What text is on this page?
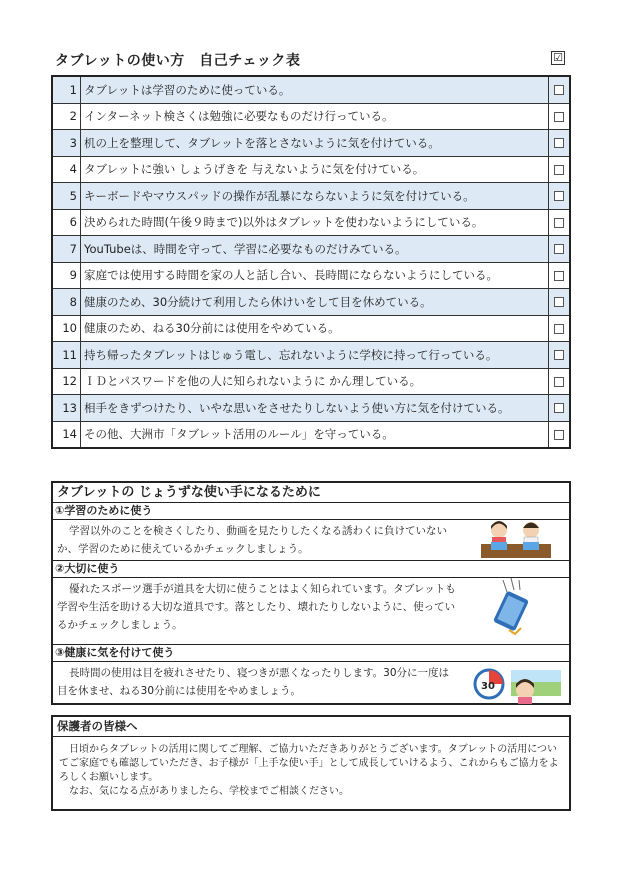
タブレットの使い方　自己チェック表	☑
1	タブレットは学習のために使っている。	
2	インターネット検さくは勉強に必要なものだけ行っている。	
3	机の上を整理して、タブレットを落とさないように気を付けている。	
4	タブレットに強い しょうげきを 与えないように気を付けている。	
5	キーボードやマウスパッドの操作が乱暴にならないように気を付けている。	
6	決められた時間(午後９時まで)以外はタブレットを使わないようにしている。	
7	YouTubeは、時間を守って、学習に必要なものだけみている。	
9	家庭では使用する時間を家の人と話し合い、長時間にならないようにしている。	
8	健康のため、30分続けて利用したら休けいをして目を休めている。	
10	健康のため、ねる30分前には使用をやめている。	
11	持ち帰ったタブレットはじゅう電し、忘れないように学校に持って行っている。	
12	ＩＤとパスワードを他の人に知られないように かん理している。	
13	相手をきずつけたり、いやな思いをさせたりしないよう使い方に気を付けている。	
14	その他、大洲市「タブレット活用のルール」を守っている。	
タブレットの じょうずな使い手になるために
①学習のために使う

学習以外のことを検さくしたり、動画を見たりしたくなる誘わくに負けていないか、学習のために使えているかチェックしましょう。

②大切に使う

優れたスポーツ選手が道具を大切に使うことはよく知られています。タブレットも学習や生活を助ける大切な道具です。落としたり、壊れたりしないように、使っているかチェックしましょう。

③健康に気を付けて使う

長時間の使用は目を疲れさせたり、寝つきが悪くなったりします。30分に一度は目を休ませ、ねる30分前には使用をやめましょう。	30
保護者の皆様へ

日頃からタブレットの活用に関してご理解、ご協力いただきありがとうございます。タブレットの活用についてご家庭でも確認していただき、お子様が「上手な使い手」として成長していけるよう、これからもご協力をよろしくお願いします。

なお、気になる点がありましたら、学校までご相談ください。
